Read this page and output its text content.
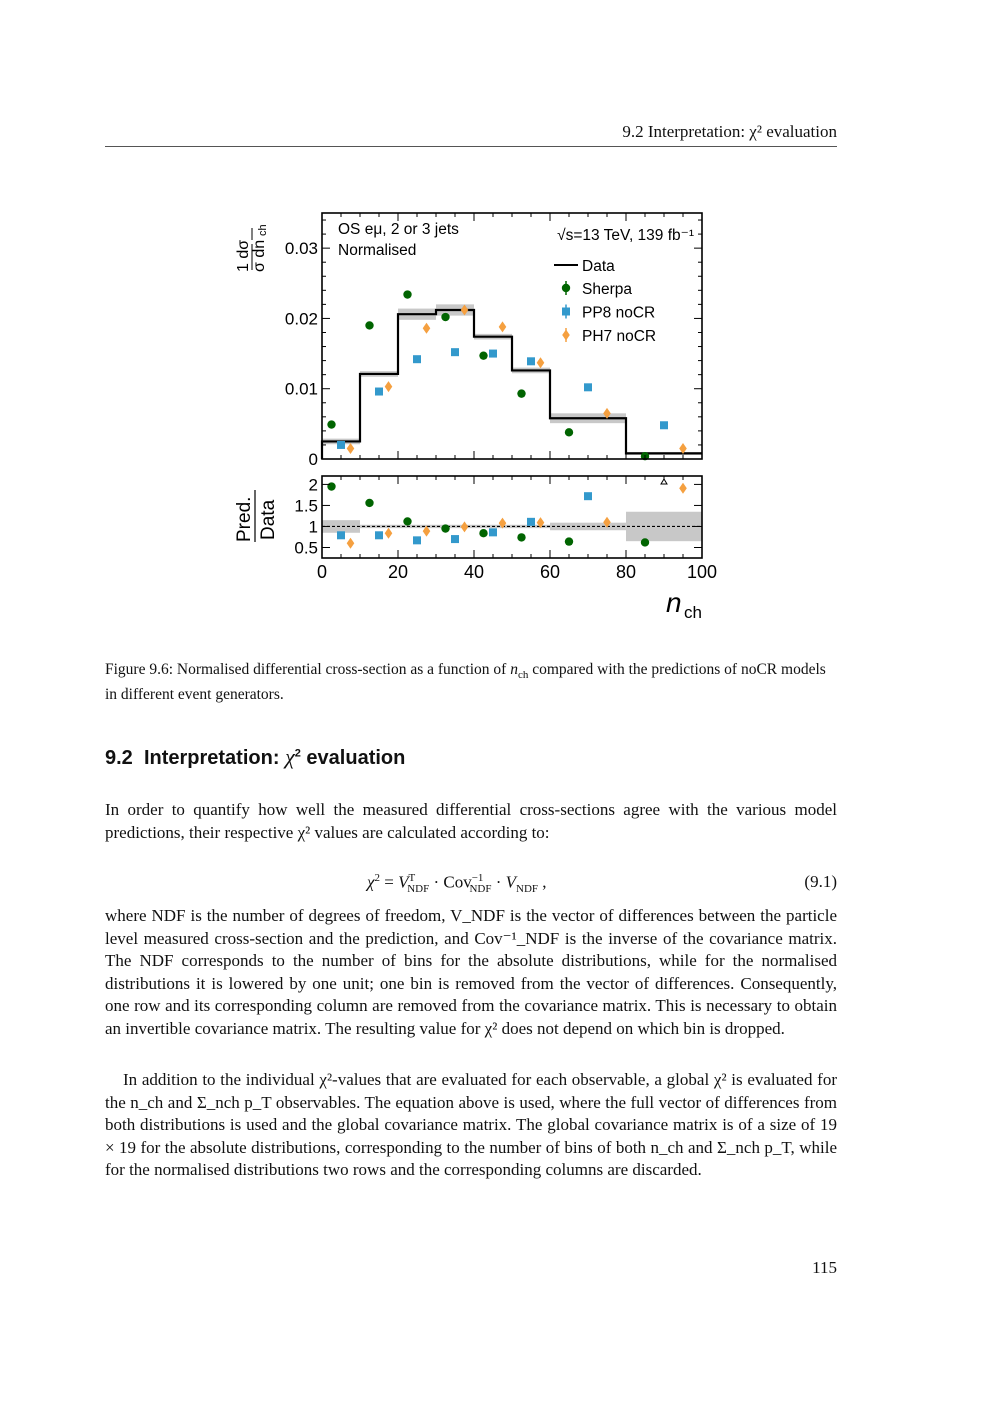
9.2 Interpretation: χ² evaluation
0
0.01
0.02
0.03
0.5
1
1.5
2
0	20	40	60	80	100
OS eμ, 2 or 3 jets
Normalised
√s=13 TeV, 139 fb⁻¹
Data
Sherpa
PP8 noCR
PH7 noCR
1 dσ σ dn
ch
Pred. Data
n ch
Figure 9.6: Normalised differential cross-section as a function of $n_{ch}$ compared with the predictions of noCR models in different event generators.
9.2 Interpretation: $\chi^2$ evaluation
In order to quantify how well the measured differential cross-sections agree with the various model predictions, their respective χ² values are calculated according to:
$\chi^2 = V^T_{NDF} \cdot Cov^{-1}_{NDF} \cdot V_{NDF}$ ,	(9.1)
where NDF is the number of degrees of freedom, V_NDF is the vector of differences between the particle level measured cross-section and the prediction, and Cov⁻¹_NDF is the inverse of the covariance matrix. The NDF corresponds to the number of bins for the absolute distributions, while for the normalised distributions it is lowered by one unit; one bin is removed from the vector of differences. Consequently, one row and its corresponding column are removed from the covariance matrix. This is necessary to obtain an invertible covariance matrix. The resulting value for χ² does not depend on which bin is dropped.
In addition to the individual χ²-values that are evaluated for each observable, a global χ² is evaluated for the n_ch and Σ_nch p_T observables. The equation above is used, where the full vector of differences from both distributions is used and the global covariance matrix. The global covariance matrix is of a size of 19 × 19 for the absolute distributions, corresponding to the number of bins of both n_ch and Σ_nch p_T, while for the normalised distributions two rows and the corresponding columns are discarded.
115
